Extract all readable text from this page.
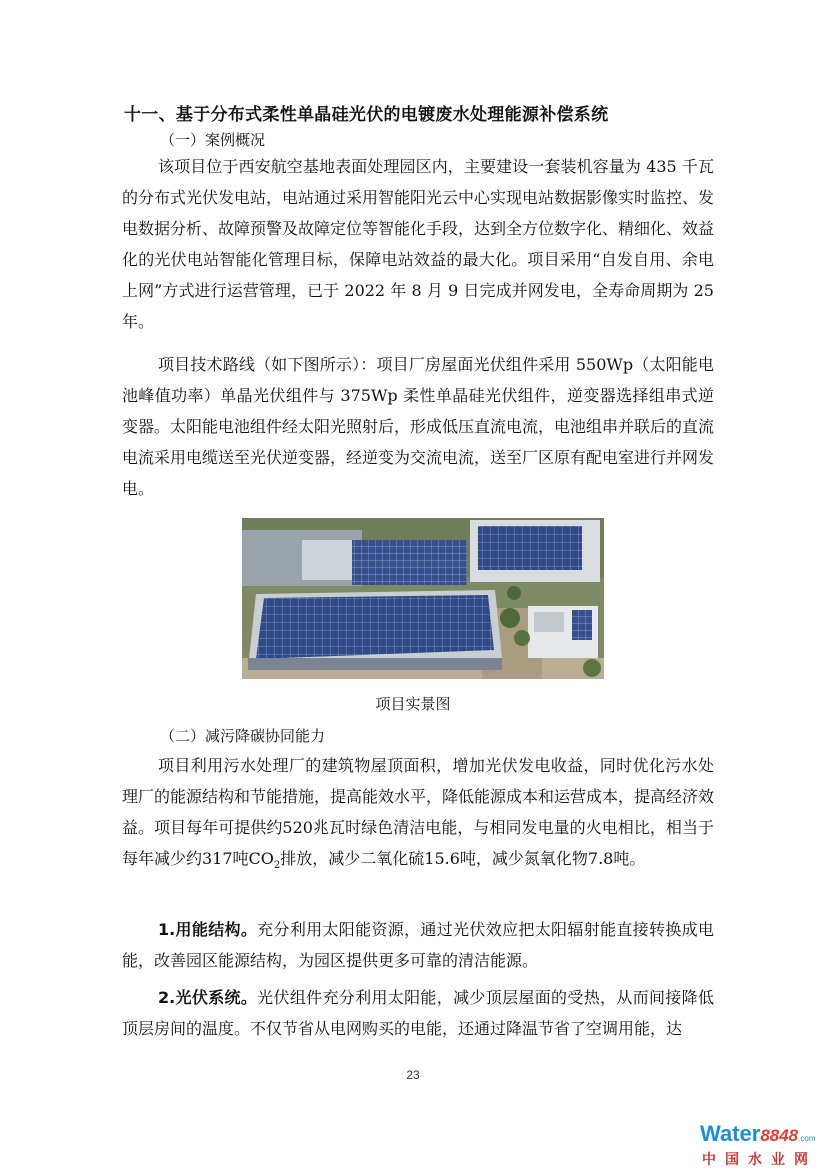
十一、基于分布式柔性单晶硅光伏的电镀废水处理能源补偿系统
（一）案例概况

该项目位于西安航空基地表面处理园区内，主要建设一套装机容量为 435 千瓦的分布式光伏发电站，电站通过采用智能阳光云中心实现电站数据影像实时监控、发电数据分析、故障预警及故障定位等智能化手段，达到全方位数字化、精细化、效益化的光伏电站智能化管理目标，保障电站效益的最大化。项目采用“自发自用、余电上网”方式进行运营管理，已于 2022 年 8 月 9 日完成并网发电，全寿命周期为 25 年。

项目技术路线（如下图所示）：项目厂房屋面光伏组件采用 550Wp（太阳能电池峰值功率）单晶光伏组件与 375Wp 柔性单晶硅光伏组件，逆变器选择组串式逆变器。太阳能电池组件经太阳光照射后，形成低压直流电流，电池组串并联后的直流电流采用电缆送至光伏逆变器，经逆变为交流电流，送至厂区原有配电室进行并网发电。

项目实景图
（二）减污降碳协同能力

项目利用污水处理厂的建筑物屋顶面积，增加光伏发电收益，同时优化污水处理厂的能源结构和节能措施，提高能效水平，降低能源成本和运营成本，提高经济效益。项目每年可提供约520兆瓦时绿色清洁电能，与相同发电量的火电相比，相当于每年减少约317吨$CO_2$排放，减少二氧化硫15.6吨，减少氮氧化物7.8吨。

1.用能结构。充分利用太阳能资源，通过光伏效应把太阳辐射能直接转换成电能，改善园区能源结构，为园区提供更多可靠的清洁能源。

2.光伏系统。光伏组件充分利用太阳能，减少顶层屋面的受热，从而间接降低顶层房间的温度。不仅节省从电网购买的电能，还通过降温节省了空调用能，达

23
Water8848.com
中国水业网
